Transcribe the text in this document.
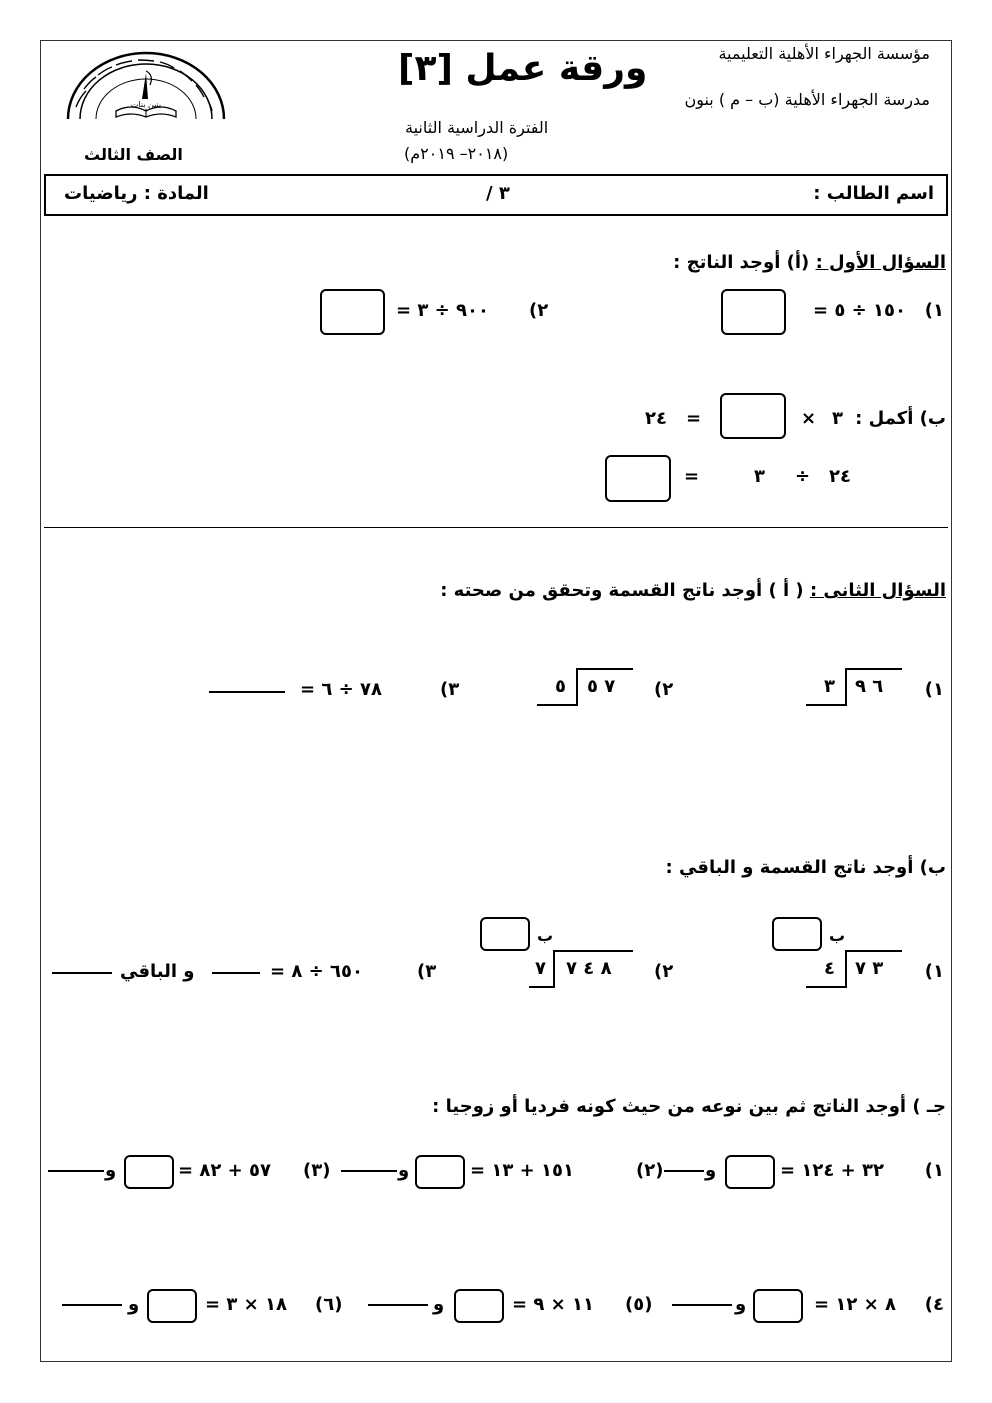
مؤسسة الجهراء الأهلية التعليمية
مدرسة الجهراء الأهلية (ب – م ) بنون
ورقة عمل [٣]
الفترة الدراسية الثانية
(٢٠١٨– ٢٠١٩م)
الصف الثالث
بنين بنات
اسم الطالب :
٣ /
المادة : رياضيات
السؤال الأول : (أ) أوجد الناتج :
١)
١٥٠ ÷ ٥ =
٢)
٩٠٠ ÷ ٣ =
ب) أكمل :
٣
×
=
٢٤
٢٤
÷
٣
=
السؤال الثانى : ( أ ) أوجد ناتج القسمة وتحقق من صحته :
١)
٦ ٩
٣
٢)
٧ ٥
٥
٣)
٧٨ ÷ ٦ =
ب) أوجد ناتج القسمة و الباقي :
١)
٣ ٧
٤
ب
٢)
٨ ٤ ٧
٧
ب
٣)
٦٥٠ ÷ ٨ =
و الباقي
جـ ) أوجد الناتج ثم بين نوعه من حيث كونه فرديا أو زوجيا :
١)
٣٢ + ١٢٤ =
و
(٢)
١٥١ + ١٣ =
و
(٣)
٥٧ + ٨٢ =
و
٤)
٨ × ١٢ =
و
(٥)
١١ × ٩ =
و
(٦)
١٨ × ٣ =
و
